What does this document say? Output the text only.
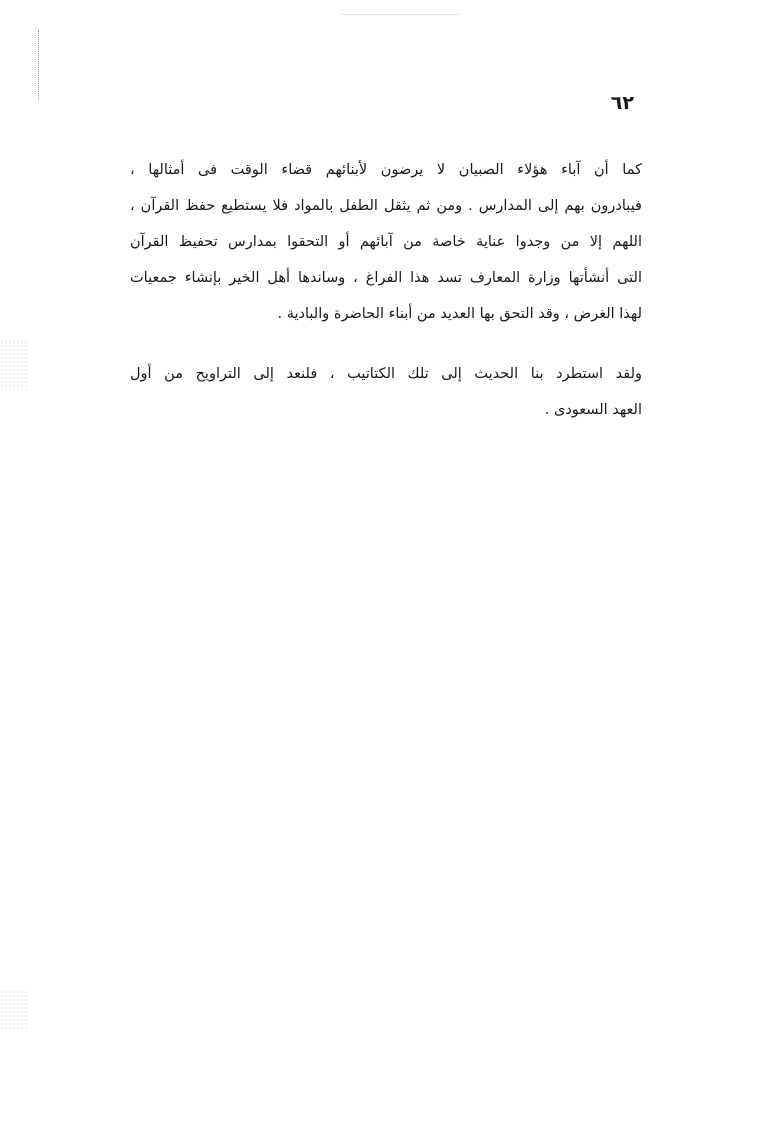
٦٢
كما أن آباء هؤلاء الصبيان لا يرضون لأبنائهم قضاء الوقت فى أمثالها ،
فيبادرون بهم إلى المدارس . ومن ثم يثقل الطفل بالمواد فلا يستطيع حفظ القرآن ،
اللهم إلا من وجدوا عناية خاصة من آبائهم أو التحقوا بمدارس تحفيظ القرآن
التى أنشأتها وزارة المعارف تسد هذا الفراغ ، وساندها أهل الخير بإنشاء جمعيات
لهذا الغرض ، وقد التحق بها العديد من أبناء الحاضرة والبادية .
ولقد استطرد بنا الحديث إلى تلك الكتاتيب ، فلنعد إلى التراويح من أول
العهد السعودى .
